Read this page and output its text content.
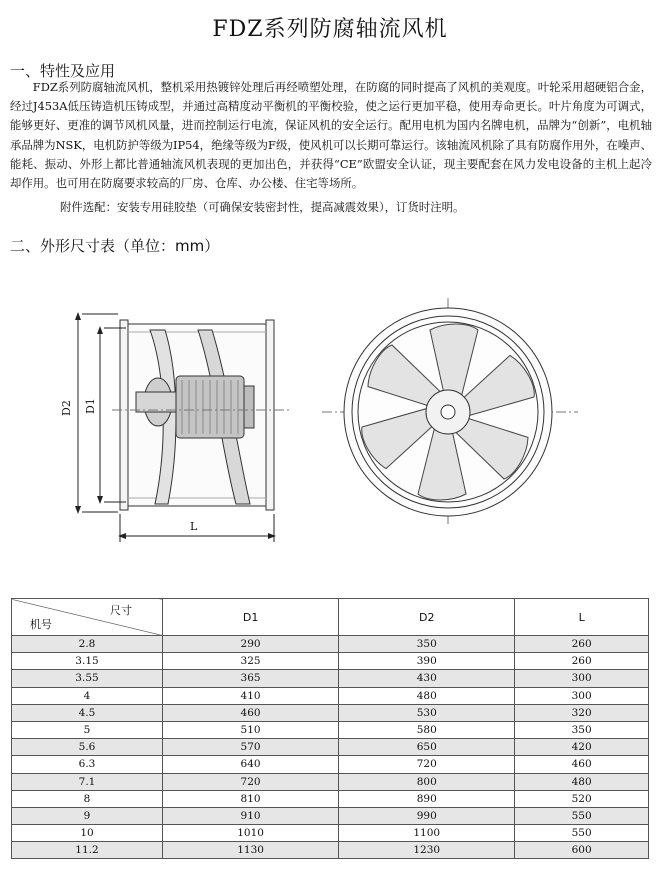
FDZ系列防腐轴流风机
一、特性及应用

FDZ系列防腐轴流风机，整机采用热镀锌处理后再经喷塑处理，在防腐的同时提高了风机的美观度。叶轮采用超硬铝合金，经过J453A低压铸造机压铸成型，并通过高精度动平衡机的平衡校验，使之运行更加平稳，使用寿命更长。叶片角度为可调式，能够更好、更准的调节风机风量，进而控制运行电流，保证风机的安全运行。配用电机为国内名牌电机，品牌为“创新”，电机轴承品牌为NSK，电机防护等级为IP54，绝缘等级为F级，使风机可以长期可靠运行。该轴流风机除了具有防腐作用外，在噪声、能耗、振动、外形上都比普通轴流风机表现的更加出色，并获得“CE”欧盟安全认证，现主要配套在风力发电设备的主机上起冷却作用。也可用在防腐要求较高的厂房、仓库、办公楼、住宅等场所。

附件选配：安装专用硅胶垫（可确保安装密封性，提高减震效果），订货时注明。
二、外形尺寸表（单位：mm）
D2 D1
L
尺寸
机号	D1	D2	L
2.8	290	350	260
3.15	325	390	260
3.55	365	430	300
4	410	480	300
4.5	460	530	320
5	510	580	350
5.6	570	650	420
6.3	640	720	460
7.1	720	800	480
8	810	890	520
9	910	990	550
10	1010	1100	550
11.2	1130	1230	600
